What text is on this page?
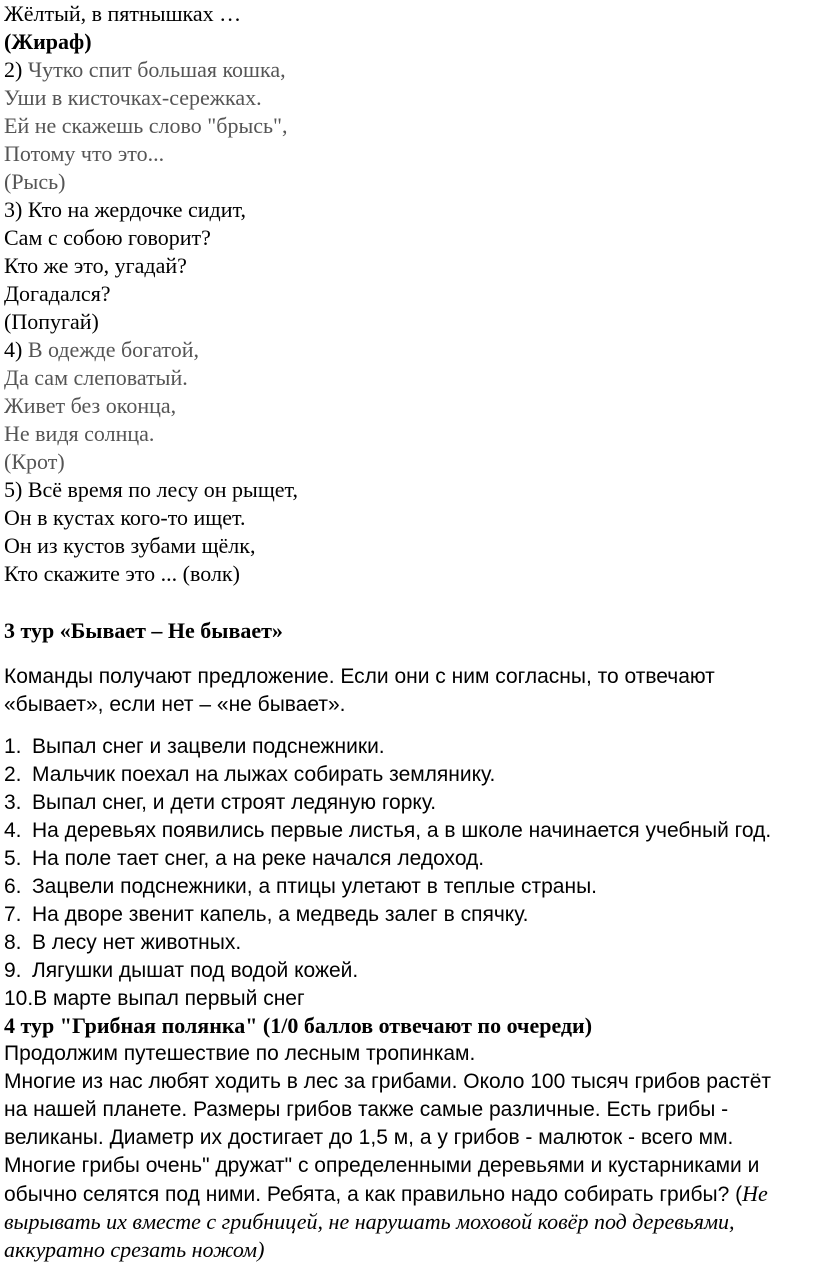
Жёлтый, в пятнышках …
(Жираф)
2) Чутко спит большая кошка,
Уши в кисточках-сережках.
Ей не скажешь слово "брысь",
Потому что это...
(Рысь)
3) Кто на жердочке сидит,
Сам с собою говорит?
Кто же это, угадай?
Догадался?
(Попугай)
4) В одежде богатой,
Да сам слеповатый.
Живет без оконца,
Не видя солнца.
(Крот)
5) Всё время по лесу он рыщет,
Он в кустах кого-то ищет.
Он из кустов зубами щёлк,
Кто скажите это ... (волк)
3 тур «Бывает – Не бывает»
Команды получают предложение. Если они с ним согласны, то отвечают
«бывает», если нет – «не бывает».
1. Выпал снег и зацвели подснежники.
2. Мальчик поехал на лыжах собирать землянику.
3. Выпал снег, и дети строят ледяную горку.
4. На деревьях появились первые листья, а в школе начинается учебный год.
5. На поле тает снег, а на реке начался ледоход.
6. Зацвели подснежники, а птицы улетают в теплые страны.
7. На дворе звенит капель, а медведь залег в спячку.
8. В лесу нет животных.
9. Лягушки дышат под водой кожей.
10.В марте выпал первый снег
4 тур "Грибная полянка" (1/0 баллов отвечают по очереди)
Продолжим путешествие по лесным тропинкам.
Многие из нас любят ходить в лес за грибами. Около 100 тысяч грибов растёт
на нашей планете. Размеры грибов также самые различные. Есть грибы -
великаны. Диаметр их достигает до 1,5 м, а у грибов - малюток - всего мм.
Многие грибы очень" дружат" с определенными деревьями и кустарниками и
обычно селятся под ними. Ребята, а как правильно надо собирать грибы? (Не
вырывать их вместе с грибницей, не нарушать моховой ковёр под деревьями,
аккуратно срезать ножом)
